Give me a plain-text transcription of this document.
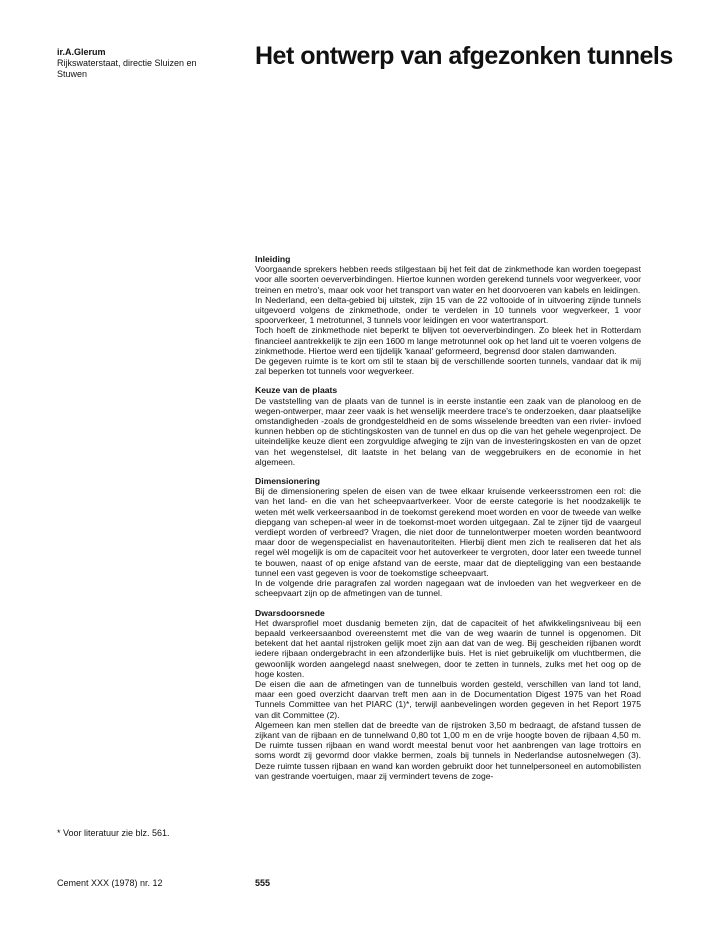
ir.A.Glerum
Rijkswaterstaat, directie Sluizen en Stuwen
Het ontwerp van afgezonken tunnels
Inleiding

Voorgaande sprekers hebben reeds stilgestaan bij het feit dat de zinkmethode kan worden toegepast voor alle soorten oeververbindingen. Hiertoe kunnen worden gerekend tunnels voor wegverkeer, voor treinen en metro's, maar ook voor het transport van water en het doorvoeren van kabels en leidingen.

In Nederland, een delta-gebied bij uitstek, zijn 15 van de 22 voltooide of in uitvoering zijnde tunnels uitgevoerd volgens de zinkmethode, onder te verdelen in 10 tunnels voor wegverkeer, 1 voor spoorverkeer, 1 metrotunnel, 3 tunnels voor leidingen en voor watertransport.

Toch hoeft de zinkmethode niet beperkt te blijven tot oeververbindingen. Zo bleek het in Rotterdam financieel aantrekkelijk te zijn een 1600 m lange metrotunnel ook op het land uit te voeren volgens de zinkmethode. Hiertoe werd een tijdelijk 'kanaal' geformeerd, begrensd door stalen damwanden.

De gegeven ruimte is te kort om stil te staan bij de verschillende soorten tunnels, vandaar dat ik mij zal beperken tot tunnels voor wegverkeer.

Keuze van de plaats

De vaststelling van de plaats van de tunnel is in eerste instantie een zaak van de planoloog en de wegen-ontwerper, maar zeer vaak is het wenselijk meerdere trace's te onderzoeken, daar plaatselijke omstandigheden -zoals de grondgesteldheid en de soms wisselende breedten van een rivier- invloed kunnen hebben op de stichtingskosten van de tunnel en dus op die van het gehele wegenproject. De uiteindelijke keuze dient een zorgvuldige afweging te zijn van de investeringskosten en van de opzet van het wegenstelsel, dit laatste in het belang van de weggebruikers en de economie in het algemeen.

Dimensionering

Bij de dimensionering spelen de eisen van de twee elkaar kruisende verkeersstromen een rol: die van het land- en die van het scheepvaartverkeer. Voor de eerste categorie is het noodzakelijk te weten mét welk verkeersaanbod in de toekomst gerekend moet worden en voor de tweede van welke diepgang van schepen-al weer in de toekomst-moet worden uitgegaan. Zal te zijner tijd de vaargeul verdiept worden of verbreed? Vragen, die niet door de tunnelontwerper moeten worden beantwoord maar door de wegenspecialist en havenautoriteiten. Hierbij dient men zich te realiseren dat het als regel wèl mogelijk is om de capaciteit voor het autoverkeer te vergroten, door later een tweede tunnel te bouwen, naast of op enige afstand van de eerste, maar dat de diepteligging van een bestaande tunnel een vast gegeven is voor de toekomstige scheepvaart.

In de volgende drie paragrafen zal worden nagegaan wat de invloeden van het wegverkeer en de scheepvaart zijn op de afmetingen van de tunnel.

Dwarsdoorsnede

Het dwarsprofiel moet dusdanig bemeten zijn, dat de capaciteit of het afwikkelingsniveau bij een bepaald verkeersaanbod overeenstemt met die van de weg waarin de tunnel is opgenomen. Dit betekent dat het aantal rijstroken gelijk moet zijn aan dat van de weg. Bij gescheiden rijbanen wordt iedere rijbaan ondergebracht in een afzonderlijke buis. Het is niet gebruikelijk om vluchtbermen, die gewoonlijk worden aangelegd naast snelwegen, door te zetten in tunnels, zulks met het oog op de hoge kosten.

De eisen die aan de afmetingen van de tunnelbuis worden gesteld, verschillen van land tot land, maar een goed overzicht daarvan treft men aan in de Documentation Digest 1975 van het Road Tunnels Committee van het PIARC (1)*, terwijl aanbevelingen worden gegeven in het Report 1975 van dit Committee (2).

Algemeen kan men stellen dat de breedte van de rijstroken 3,50 m bedraagt, de afstand tussen de zijkant van de rijbaan en de tunnelwand 0,80 tot 1,00 m en de vrije hoogte boven de rijbaan 4,50 m. De ruimte tussen rijbaan en wand wordt meestal benut voor het aanbrengen van lage trottoirs en soms wordt zij gevormd door vlakke bermen, zoals bij tunnels in Nederlandse autosnelwegen (3). Deze ruimte tussen rijbaan en wand kan worden gebruikt door het tunnelpersoneel en automobilisten van gestrande voertuigen, maar zij vermindert tevens de zoge-

* Voor literatuur zie blz. 561.
Cement XXX (1978) nr. 12	555
